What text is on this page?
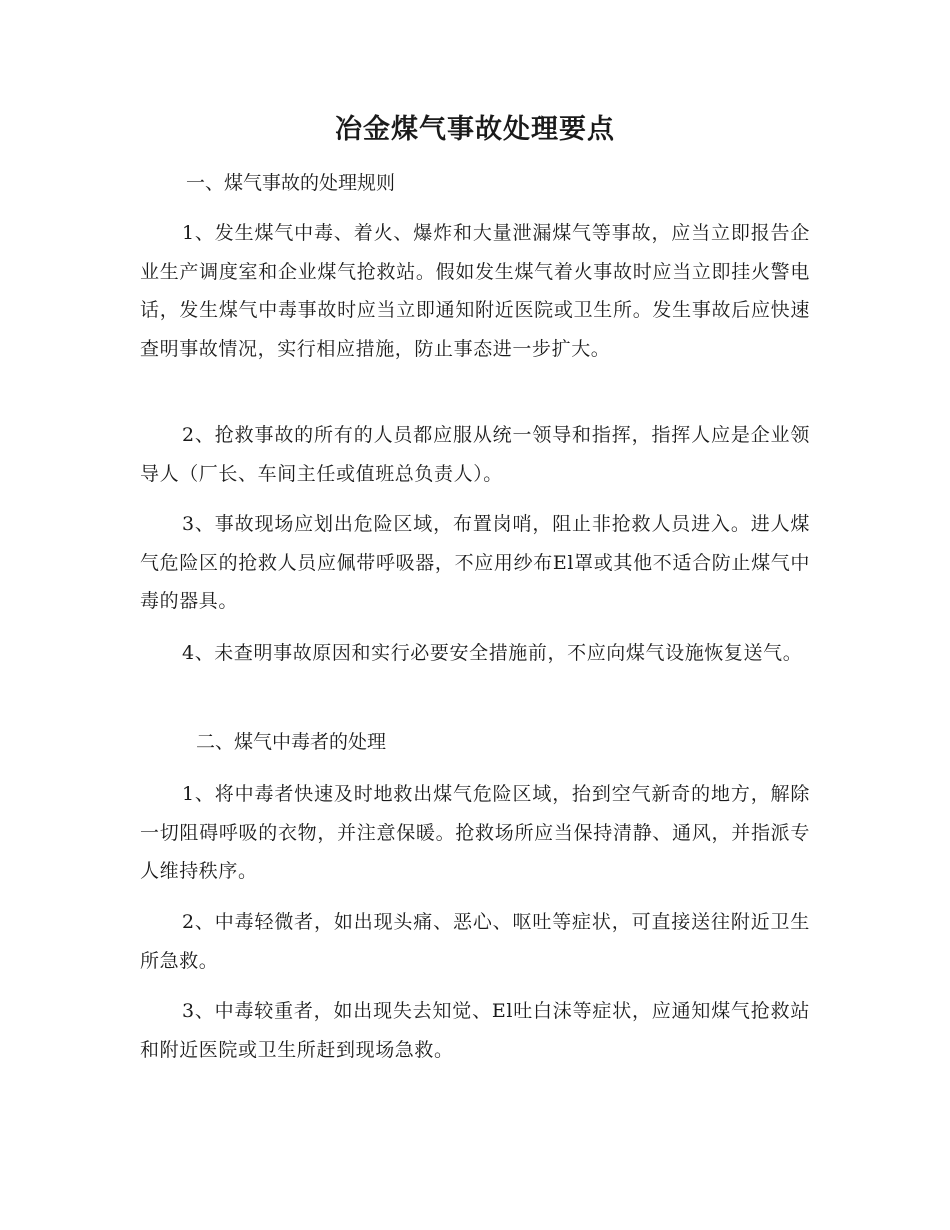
冶金煤气事故处理要点
一、煤气事故的处理规则
1、发生煤气中毒、着火、爆炸和大量泄漏煤气等事故，应当立即报告企业生产调度室和企业煤气抢救站。假如发生煤气着火事故时应当立即挂火警电话，发生煤气中毒事故时应当立即通知附近医院或卫生所。发生事故后应快速查明事故情况，实行相应措施，防止事态进一步扩大。
2、抢救事故的所有的人员都应服从统一领导和指挥，指挥人应是企业领导人（厂长、车间主任或值班总负责人）。
3、事故现场应划出危险区域，布置岗哨，阻止非抢救人员进入。进人煤气危险区的抢救人员应佩带呼吸器，不应用纱布El罩或其他不适合防止煤气中毒的器具。
4、未查明事故原因和实行必要安全措施前，不应向煤气设施恢复送气。
二、煤气中毒者的处理
1、将中毒者快速及时地救出煤气危险区域，抬到空气新奇的地方，解除一切阻碍呼吸的衣物，并注意保暖。抢救场所应当保持清静、通风，并指派专人维持秩序。
2、中毒轻微者，如出现头痛、恶心、呕吐等症状，可直接送往附近卫生所急救。
3、中毒较重者，如出现失去知觉、El吐白沫等症状，应通知煤气抢救站和附近医院或卫生所赶到现场急救。
